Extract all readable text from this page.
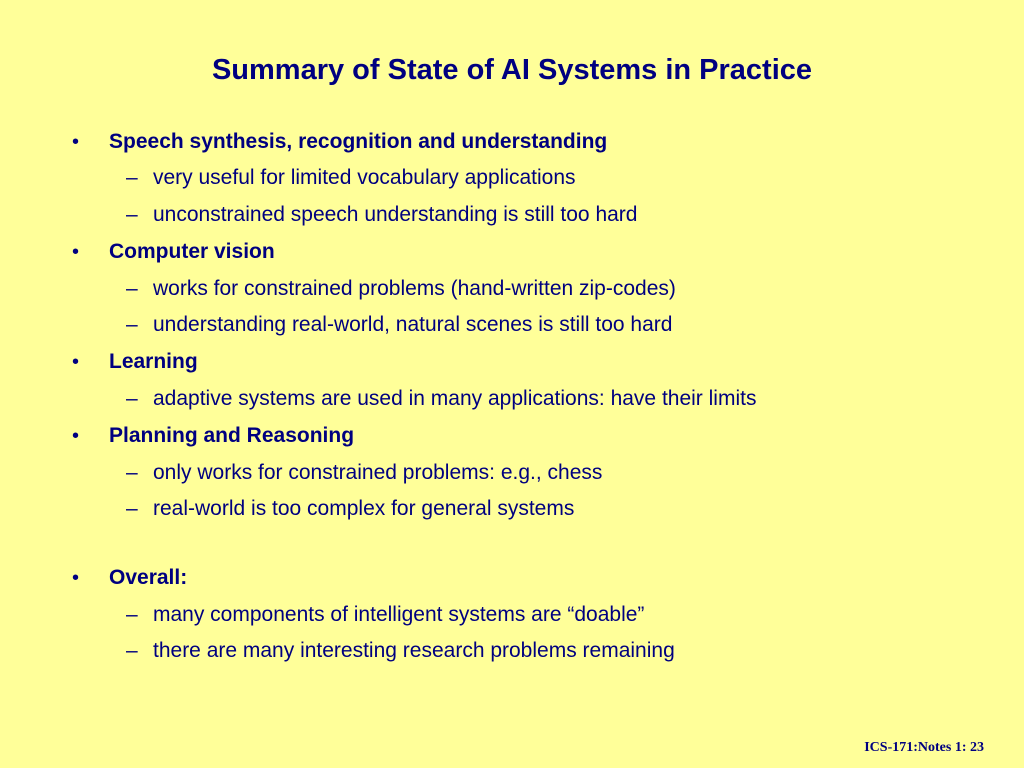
Summary of State of AI Systems in Practice
•	Speech synthesis, recognition and understanding
– very useful for limited vocabulary applications
– unconstrained speech understanding is still too hard
•	Computer vision
– works for constrained problems (hand-written zip-codes)
– understanding real-world, natural scenes is still too hard
•	Learning
– adaptive systems are used in many applications: have their limits
•	Planning and Reasoning
– only works for constrained problems: e.g., chess
– real-world is too complex for general systems
•	Overall:
– many components of intelligent systems are “doable”
– there are many interesting research problems remaining
ICS-171:Notes 1: 23
